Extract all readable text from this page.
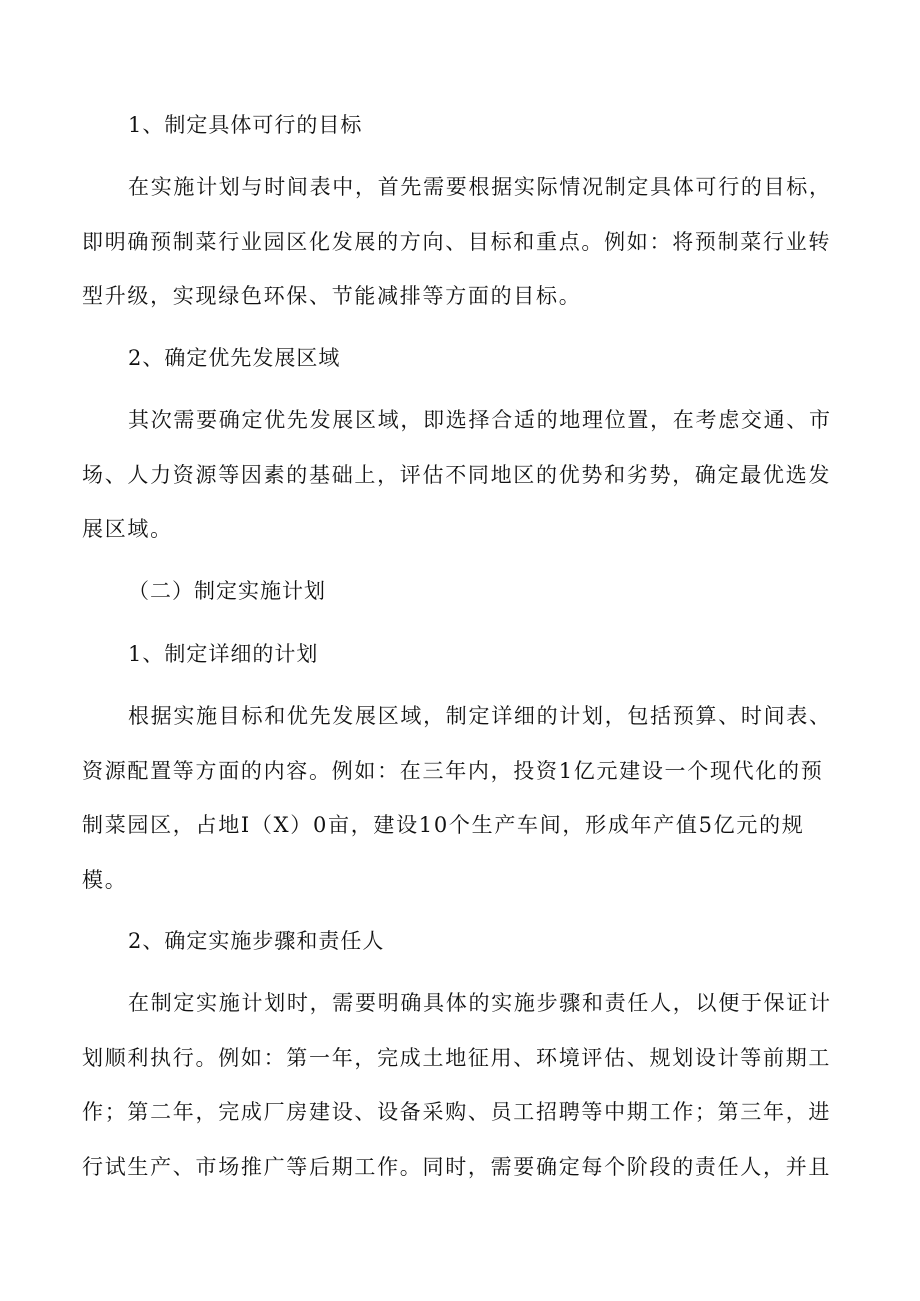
1、制定具体可行的目标
在实施计划与时间表中，首先需要根据实际情况制定具体可行的目标，
即明确预制菜行业园区化发展的方向、目标和重点。例如：将预制菜行业转
型升级，实现绿色环保、节能减排等方面的目标。
2、确定优先发展区域
其次需要确定优先发展区域，即选择合适的地理位置，在考虑交通、市
场、人力资源等因素的基础上，评估不同地区的优势和劣势，确定最优选发
展区域。
（二）制定实施计划
1、制定详细的计划
根据实施目标和优先发展区域，制定详细的计划，包括预算、时间表、
资源配置等方面的内容。例如：在三年内，投资1亿元建设一个现代化的预
制菜园区，占地I（X）0亩，建设10个生产车间，形成年产值5亿元的规
模。
2、确定实施步骤和责任人
在制定实施计划时，需要明确具体的实施步骤和责任人，以便于保证计
划顺利执行。例如：第一年，完成土地征用、环境评估、规划设计等前期工
作；第二年，完成厂房建设、设备采购、员工招聘等中期工作；第三年，进
行试生产、市场推广等后期工作。同时，需要确定每个阶段的责任人，并且
